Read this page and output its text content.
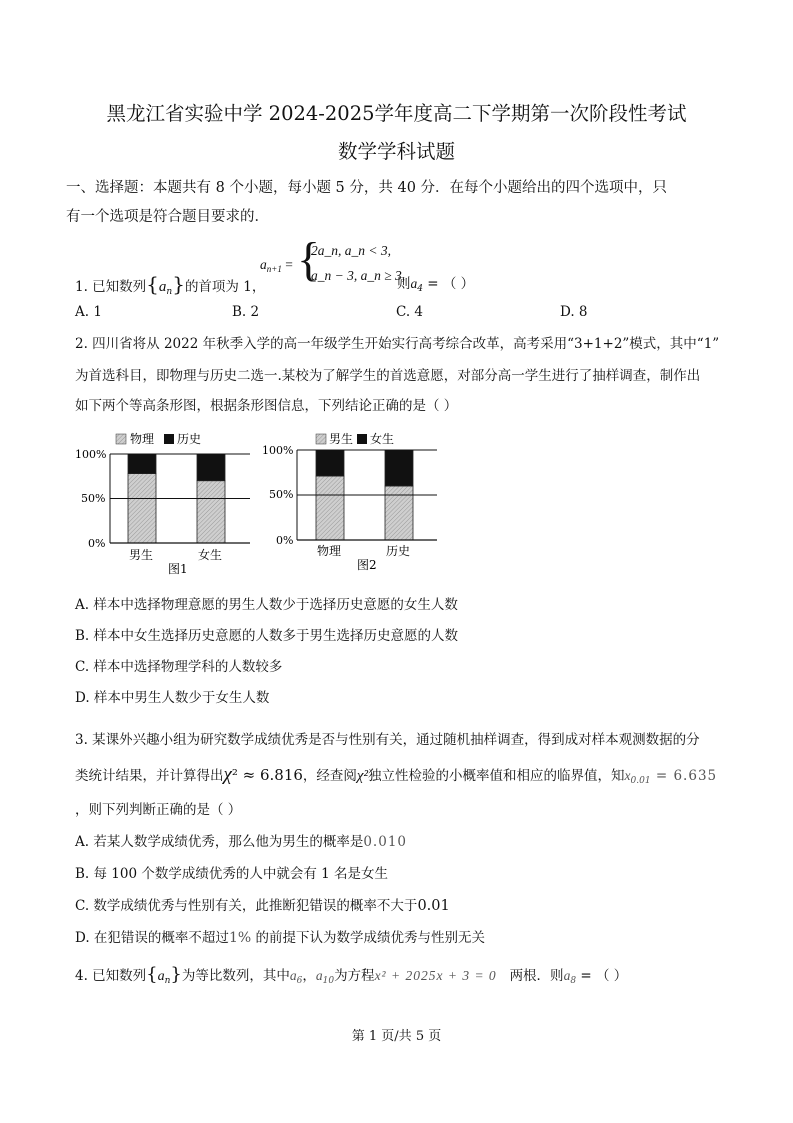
黑龙江省实验中学 2024-2025学年度高二下学期第一次阶段性考试
数学学科试题
一、选择题：本题共有 8 个小题，每小题 5 分，共 40 分．在每个小题给出的四个选项中，只
有一个选项是符合题目要求的．
1. 已知数列$\{a_n\}$的首项为 1，
$a_{n+1}$ = {
2a_n, a_n < 3,
a_n − 3, a_n ≥ 3,
则$a_4$ = （ ）
A. 1	B. 2	C. 4	D. 8
2. 四川省将从 2022 年秋季入学的高一年级学生开始实行高考综合改革，高考采用“3+1+2”模式，其中“1”
为首选科目，即物理与历史二选一.某校为了解学生的首选意愿，对部分高一学生进行了抽样调查，制作出
如下两个等高条形图，根据条形图信息，下列结论正确的是（ ）
物理 历史
100%
50%
0%
男生	女生
图1
男生 女生
100%
50%
0%
物理	历史
图2
A. 样本中选择物理意愿的男生人数少于选择历史意愿的女生人数
B. 样本中女生选择历史意愿的人数多于男生选择历史意愿的人数
C. 样本中选择物理学科的人数较多
D. 样本中男生人数少于女生人数
3. 某课外兴趣小组为研究数学成绩优秀是否与性别有关，通过随机抽样调查，得到成对样本观测数据的分
类统计结果，并计算得出χ² ≈ 6.816，经查阅χ²独立性检验的小概率值和相应的临界值，知$x_{0.01} = 6.635$
，则下列判断正确的是（ ）
A. 若某人数学成绩优秀，那么他为男生的概率是0.010
B. 每 100 个数学成绩优秀的人中就会有 1 名是女生
C. 数学成绩优秀与性别有关，此推断犯错误的概率不大于0.01
D. 在犯错误的概率不超过1% 的前提下认为数学成绩优秀与性别无关
4. 已知数列$\{a_n\}$为等比数列，其中$a_6$，$a_{10}$为方程x² + 2025x + 3 = 0 两根．则$a_8$ = （ ）
第 1 页/共 5 页
